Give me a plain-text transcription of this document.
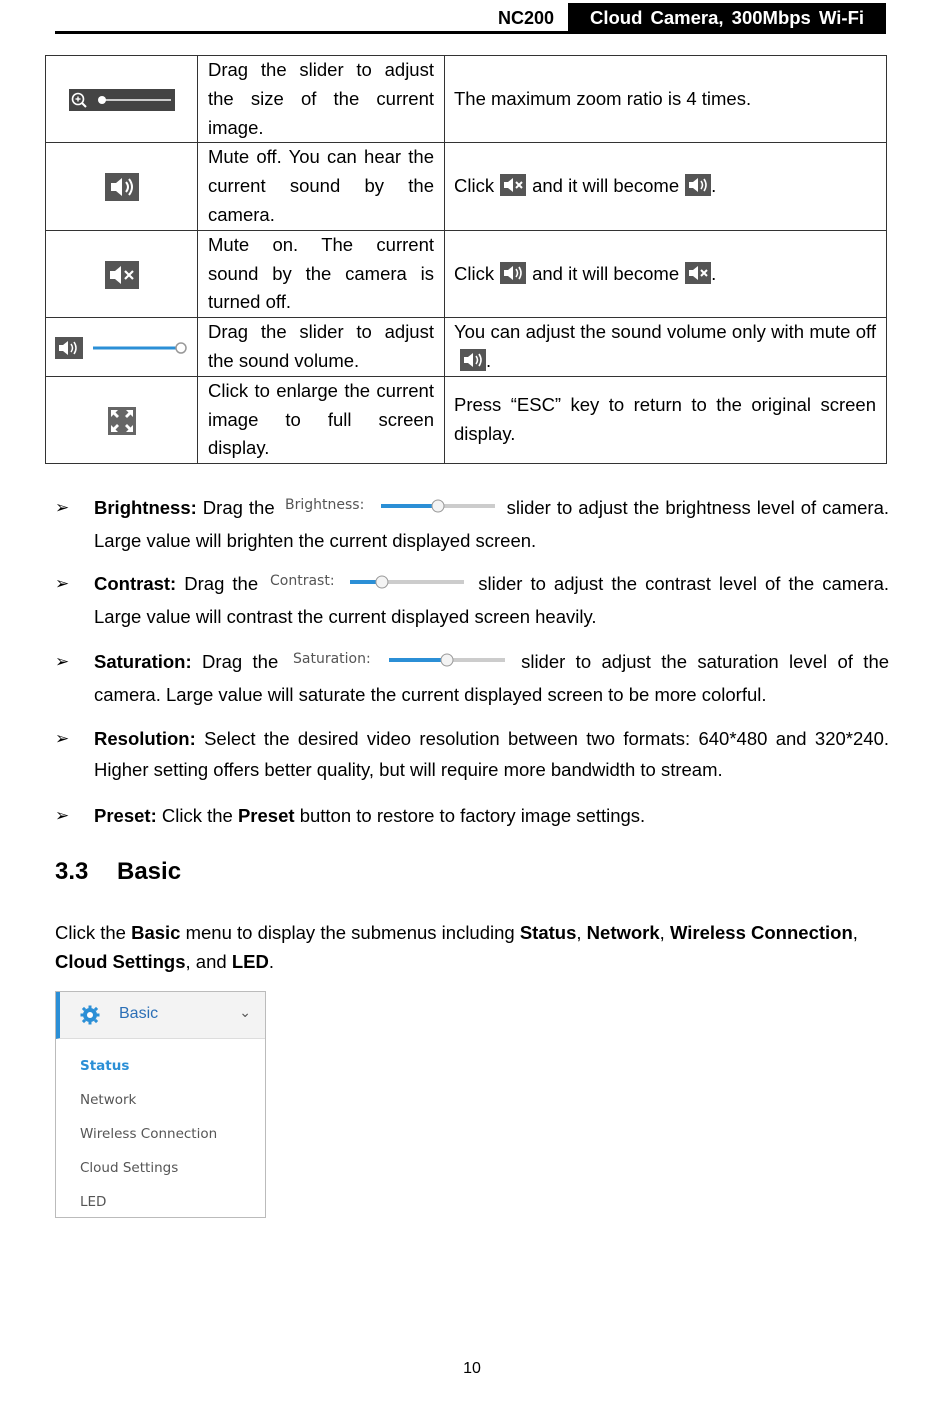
NC200	Cloud Camera, 300Mbps Wi-Fi
	Drag the slider to adjust the size of the current image.	The maximum zoom ratio is 4 times.
	Mute off. You can hear the current sound by the camera.	Click and it will become .
	Mute on. The current sound by the camera is turned off.	Click and it will become .
	Drag the slider to adjust the sound volume.	You can adjust the sound volume only with mute off.
	Click to enlarge the current image to full screen display.	Press “ESC” key to return to the original screen display.
➢ Brightness: Drag the Brightness:	slider to adjust the brightness level of camera. Large value will brighten the current displayed screen.
➢ Contrast: Drag the Contrast:	slider to adjust the contrast level of the camera. Large value will contrast the current displayed screen heavily.
➢ Saturation: Drag the Saturation:	slider to adjust the saturation level of the camera. Large value will saturate the current displayed screen to be more colorful.
➢ Resolution: Select the desired video resolution between two formats: 640*480 and 320*240. Higher setting offers better quality, but will require more bandwidth to stream.
➢ Preset: Click the Preset button to restore to factory image settings.
3.3 Basic
Click the Basic menu to display the submenus including Status, Network, Wireless Connection,
Cloud Settings, and LED.
Basic	⌄
Status
Network
Wireless Connection
Cloud Settings
LED
10
